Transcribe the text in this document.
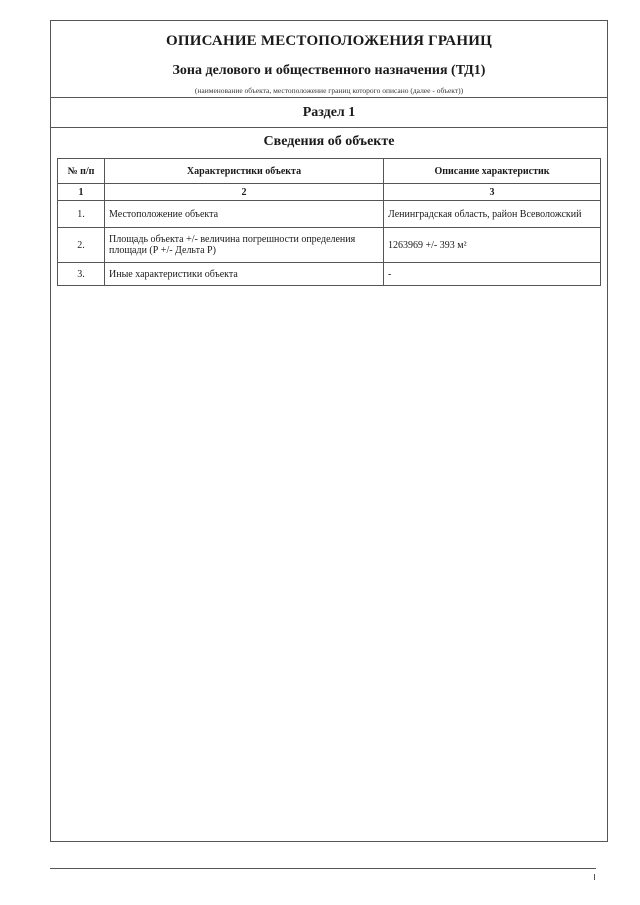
ОПИСАНИЕ МЕСТОПОЛОЖЕНИЯ ГРАНИЦ
Зона делового и общественного назначения (ТД1)
(наименование объекта, местоположение границ которого описано (далее - объект))
Раздел 1
Сведения об объекте
№ п/п	Характеристики объекта	Описание характеристик
1	2	3
1.	Местоположение объекта	Ленинградская область, район Всеволожский
2.	Площадь объекта +/- величина погрешности определения площади (Р +/- Дельта Р)	1263969 +/- 393 м²
3.	Иные характеристики объекта	-
